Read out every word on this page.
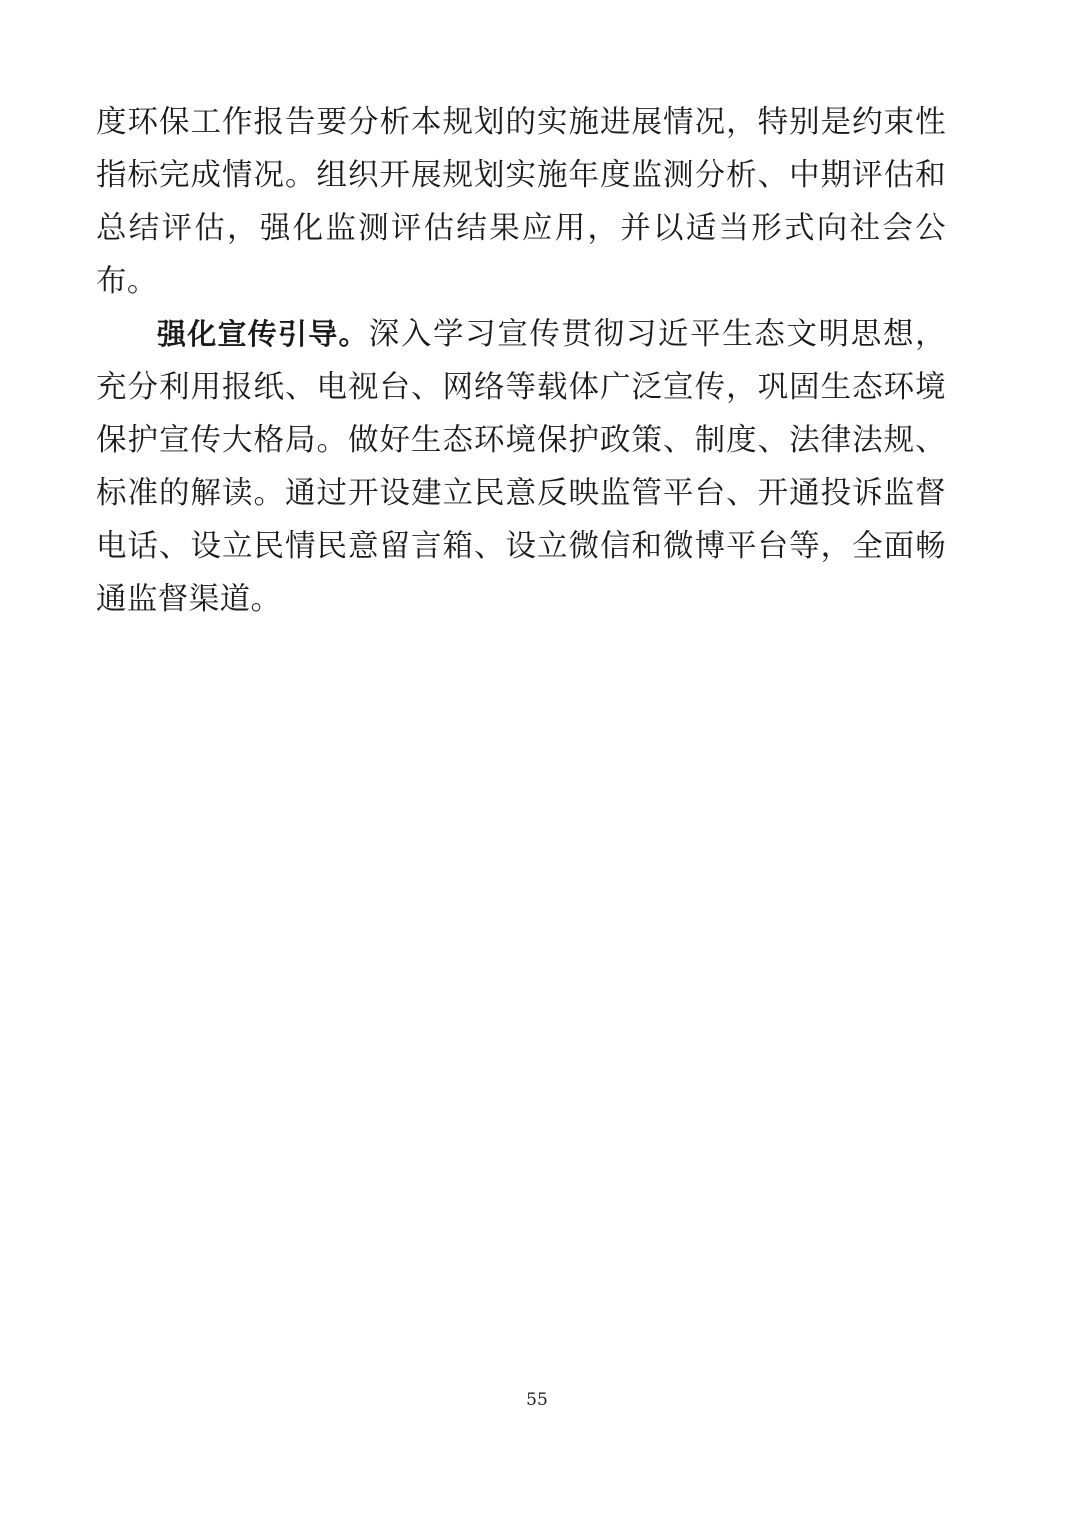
度环保工作报告要分析本规划的实施进展情况，特别是约束性指标完成情况。组织开展规划实施年度监测分析、中期评估和总结评估，强化监测评估结果应用，并以适当形式向社会公布。

强化宣传引导。深入学习宣传贯彻习近平生态文明思想，充分利用报纸、电视台、网络等载体广泛宣传，巩固生态环境保护宣传大格局。做好生态环境保护政策、制度、法律法规、标准的解读。通过开设建立民意反映监管平台、开通投诉监督电话、设立民情民意留言箱、设立微信和微博平台等，全面畅通监督渠道。

55
